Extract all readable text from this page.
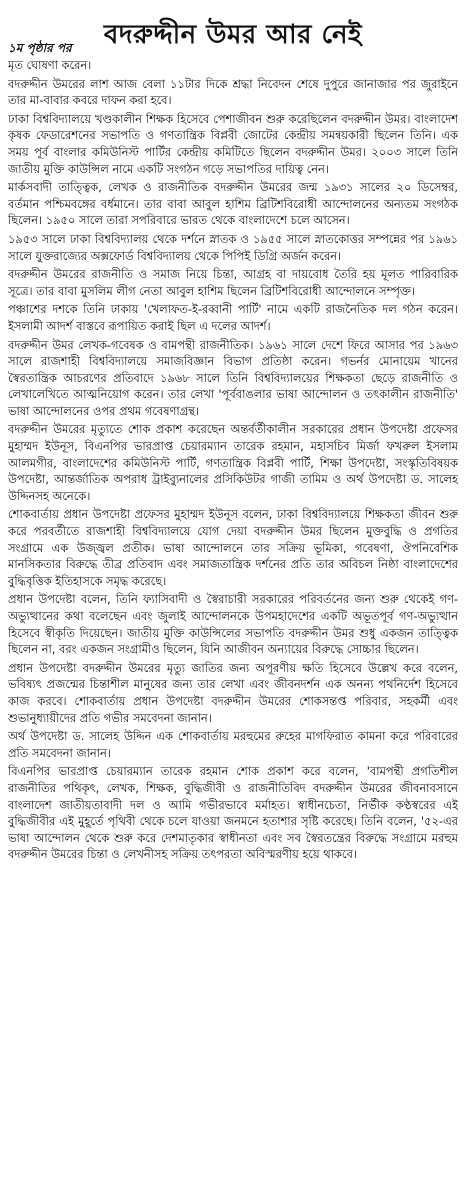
বদরুদ্দীন উমর আর নেই

১ম পৃষ্ঠার পর

মৃত ঘোষণা করেন।

বদরুদ্দীন উমরের লাশ আজ বেলা ১১টার দিকে শ্রদ্ধা নিবেদন শেষে দুপুরে জানাজার পর জুরাইনে তার মা-বাবার কবরে দাফন করা হবে।

ঢাকা বিশ্ববিদ্যালয়ে খণ্ডকালীন শিক্ষক হিসেবে পেশাজীবন শুরু করেছিলেন বদরুদ্দীন উমর। বাংলাদেশ কৃষক ফেডারেশনের সভাপতি ও গণতান্ত্রিক বিপ্লবী জোটের কেন্দ্রীয় সমন্বয়কারী ছিলেন তিনি। এক সময় পূর্ব বাংলার কমিউনিস্ট পার্টির কেন্দ্রীয় কমিটিতে ছিলেন বদরুদ্দীন উমর। ২০০৩ সালে তিনি জাতীয় মুক্তি কাউন্সিল নামে একটি সংগঠন গড়ে সভাপতির দায়িত্ব নেন।

মার্কসবাদী তাত্ত্বিক, লেখক ও রাজনীতিক বদরুদ্দীন উমরের জন্ম ১৯৩১ সালের ২০ ডিসেম্বর, বর্তমান পশ্চিমবঙ্গের বর্ধমানে। তার বাবা আবুল হাশিম ব্রিটিশবিরোধী আন্দোলনের অন্যতম সংগঠক ছিলেন। ১৯৫০ সালে তারা সপরিবারে ভারত থেকে বাংলাদেশে চলে আসেন।

১৯৫৩ সালে ঢাকা বিশ্ববিদ্যালয় থেকে দর্শনে স্নাতক ও ১৯৫৫ সালে স্নাতকোত্তর সম্পন্নের পর ১৯৬১ সালে যুক্তরাজ্যের অক্সফোর্ড বিশ্ববিদ্যালয় থেকে পিপিই ডিগ্রি অর্জন করেন।

বদরুদ্দীন উমরের রাজনীতি ও সমাজ নিয়ে চিন্তা, আগ্রহ বা দায়বোধ তৈরি হয় মূলত পারিবারিক সূত্রে। তার বাবা মুসলিম লীগ নেতা আবুল হাশিম ছিলেন ব্রিটিশবিরোধী আন্দোলনে সম্পৃক্ত।

পঞ্চাশের দশকে তিনি ঢাকায় 'খেলাফত-ই-রব্বানী পার্টি' নামে একটি রাজনৈতিক দল গঠন করেন। ইসলামী আদর্শ বাস্তবে রূপায়িত করাই ছিল এ দলের আদর্শ।

বদরুদ্দীন উমর লেখক-গবেষক ও বামপন্থী রাজনীতিক। ১৯৬১ সালে দেশে ফিরে আসার পর ১৯৬৩ সালে রাজশাহী বিশ্ববিদ্যালয়ে সমাজবিজ্ঞান বিভাগ প্রতিষ্ঠা করেন। গভর্নর মোনায়েম খানের স্বৈরতান্ত্রিক আচরণের প্রতিবাদে ১৯৬৮ সালে তিনি বিশ্ববিদ্যালয়ের শিক্ষকতা ছেড়ে রাজনীতি ও লেখালেখিতে আত্মনিয়োগ করেন। তার লেখা 'পূর্ববাঙলার ভাষা আন্দোলন ও তৎকালীন রাজনীতি' ভাষা আন্দোলনের ওপর প্রথম গবেষণাগ্রন্থ।

বদরুদ্দীন উমরের মৃত্যুতে শোক প্রকাশ করেছেন অন্তর্বর্তীকালীন সরকারের প্রধান উপদেষ্টা প্রফেসর মুহাম্মদ ইউনূস, বিএনপির ভারপ্রাপ্ত চেয়ারম্যান তারেক রহমান, মহাসচিব মির্জা ফখরুল ইসলাম আলমগীর, বাংলাদেশের কমিউনিস্ট পার্টি, গণতান্ত্রিক বিপ্লবী পার্টি, শিক্ষা উপদেষ্টা, সংস্কৃতিবিষয়ক উপদেষ্টা, আন্তর্জাতিক অপরাধ ট্রাইব্যুনালের প্রসিকিউটর গাজী তামিম ও অর্থ উপদেষ্টা ড. সালেহ উদ্দিনসহ অনেকে।

শোকবার্তায় প্রধান উপদেষ্টা প্রফেসর মুহাম্মদ ইউনূস বলেন, ঢাকা বিশ্ববিদ্যালয়ে শিক্ষকতা জীবন শুরু করে পরবর্তীতে রাজশাহী বিশ্ববিদ্যালয়ে যোগ দেয়া বদরুদ্দীন উমর ছিলেন মুক্তবুদ্ধি ও প্রগতির সংগ্রামে এক উজ্জ্বল প্রতীক। ভাষা আন্দোলনে তার সক্রিয় ভূমিকা, গবেষণা, ঔপনিবেশিক মানসিকতার বিরুদ্ধে তীব্র প্রতিবাদ এবং সমাজতান্ত্রিক দর্শনের প্রতি তার অবিচল নিষ্ঠা বাংলাদেশের বুদ্ধিবৃত্তিক ইতিহাসকে সমৃদ্ধ করেছে।

প্রধান উপদেষ্টা বলেন, তিনি ফ্যাসিবাদী ও স্বৈরাচারী সরকারের পরিবর্তনের জন্য শুরু থেকেই গণ-অভ্যুত্থানের কথা বলেছেন এবং জুলাই আন্দোলনকে উপমহাদেশের একটি অভূতপূর্ব গণ-অভ্যুত্থান হিসেবে স্বীকৃতি দিয়েছেন। জাতীয় মুক্তি কাউন্সিলের সভাপতি বদরুদ্দীন উমর শুধু একজন তাত্ত্বিক ছিলেন না, বরং একজন সংগ্রামীও ছিলেন, যিনি আজীবন অন্যায়ের বিরুদ্ধে সোচ্চার ছিলেন।

প্রধান উপদেষ্টা বদরুদ্দীন উমরের মৃত্যু জাতির জন্য অপূরণীয় ক্ষতি হিসেবে উল্লেখ করে বলেন, ভবিষ্যৎ প্রজন্মের চিন্তাশীল মানুষের জন্য তার লেখা এবং জীবনদর্শন এক অনন্য পথনির্দেশ হিসেবে কাজ করবে। শোকবার্তায় প্রধান উপদেষ্টা বদরুদ্দীন উমরের শোকসন্তপ্ত পরিবার, সহকর্মী এবং শুভানুধ্যায়ীদের প্রতি গভীর সমবেদনা জানান।

অর্থ উপদেষ্টা ড. সালেহ উদ্দিন এক শোকবার্তায় মরহুমের রুহের মাগফিরাত কামনা করে পরিবারের প্রতি সমবেদনা জানান।

বিএনপির ভারপ্রাপ্ত চেয়ারম্যান তারেক রহমান শোক প্রকাশ করে বলেন, 'বামপন্থী প্রগতিশীল রাজনীতির পথিকৃৎ, লেখক, শিক্ষক, বুদ্ধিজীবী ও রাজনীতিবিদ বদরুদ্দীন উমরের জীবনাবসানে বাংলাদেশ জাতীয়তাবাদী দল ও আমি গভীরভাবে মর্মাহত। স্বাধীনচেতা, নির্ভীক কণ্ঠস্বরের এই বুদ্ধিজীবীর এই মুহূর্তে পৃথিবী থেকে চলে যাওয়া জনমনে হতাশার সৃষ্টি করেছে। তিনি বলেন, '৫২-এর ভাষা আন্দোলন থেকে শুরু করে দেশমাতৃকার স্বাধীনতা এবং সব স্বৈরতন্ত্রের বিরুদ্ধে সংগ্রামে মরহুম বদরুদ্দীন উমরের চিন্তা ও লেখনীসহ সক্রিয় তৎপরতা অবিস্মরণীয় হয়ে থাকবে।
